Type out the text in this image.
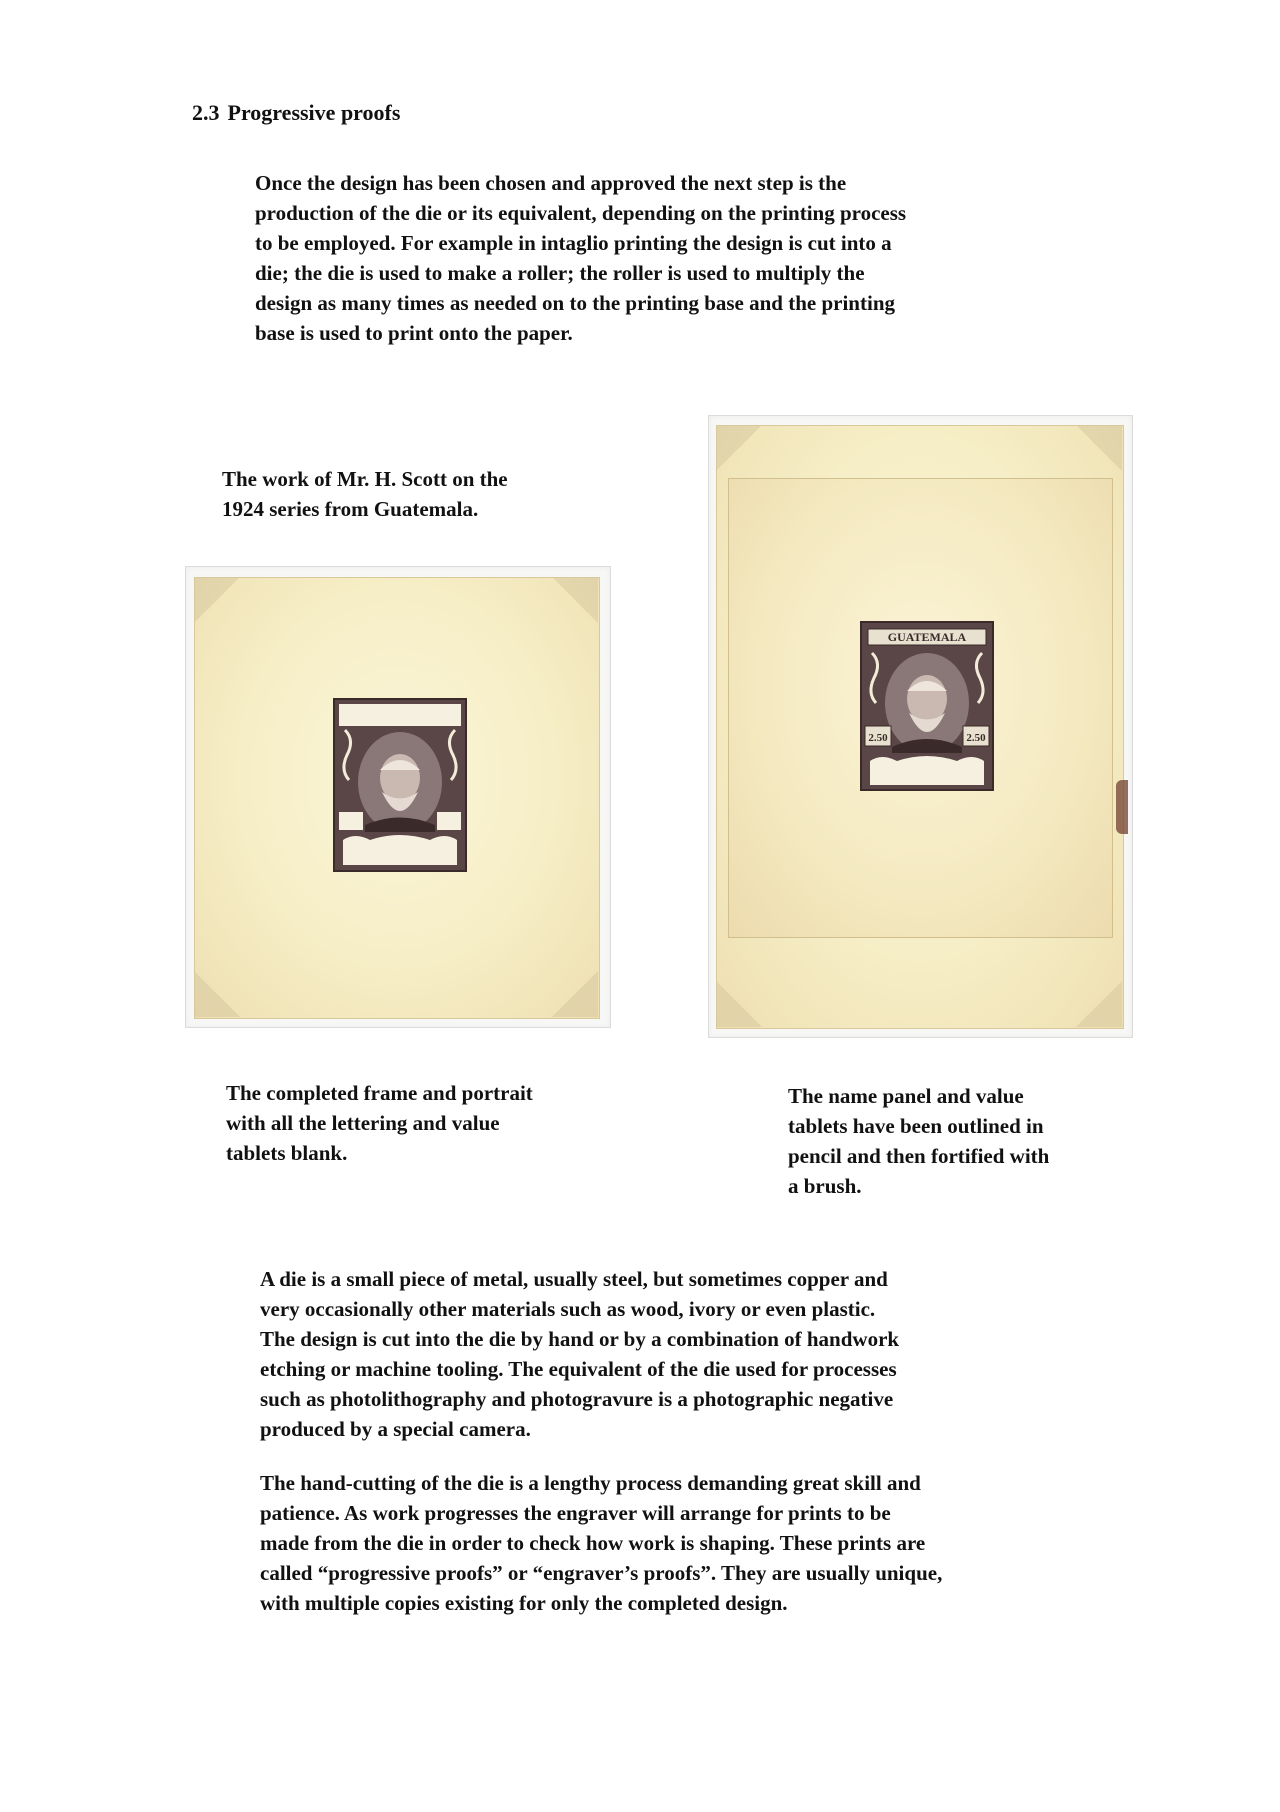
2.3 Progressive proofs
Once the design has been chosen and approved the next step is the
production of the die or its equivalent, depending on the printing process
to be employed. For example in intaglio printing the design is cut into a
die; the die is used to make a roller; the roller is used to multiply the
design as many times as needed on to the printing base and the printing
base is used to print onto the paper.
The work of Mr. H. Scott on the
1924 series from Guatemala.
GUATEMALA
2.50	2.50
The completed frame and portrait
with all the lettering and value
tablets blank.
The name panel and value
tablets have been outlined in
pencil and then fortified with
a brush.
A die is a small piece of metal, usually steel, but sometimes copper and
very occasionally other materials such as wood, ivory or even plastic.
The design is cut into the die by hand or by a combination of handwork
etching or machine tooling. The equivalent of the die used for processes
such as photolithography and photogravure is a photographic negative
produced by a special camera.
The hand-cutting of the die is a lengthy process demanding great skill and
patience. As work progresses the engraver will arrange for prints to be
made from the die in order to check how work is shaping. These prints are
called “progressive proofs” or “engraver’s proofs”. They are usually unique,
with multiple copies existing for only the completed design.
